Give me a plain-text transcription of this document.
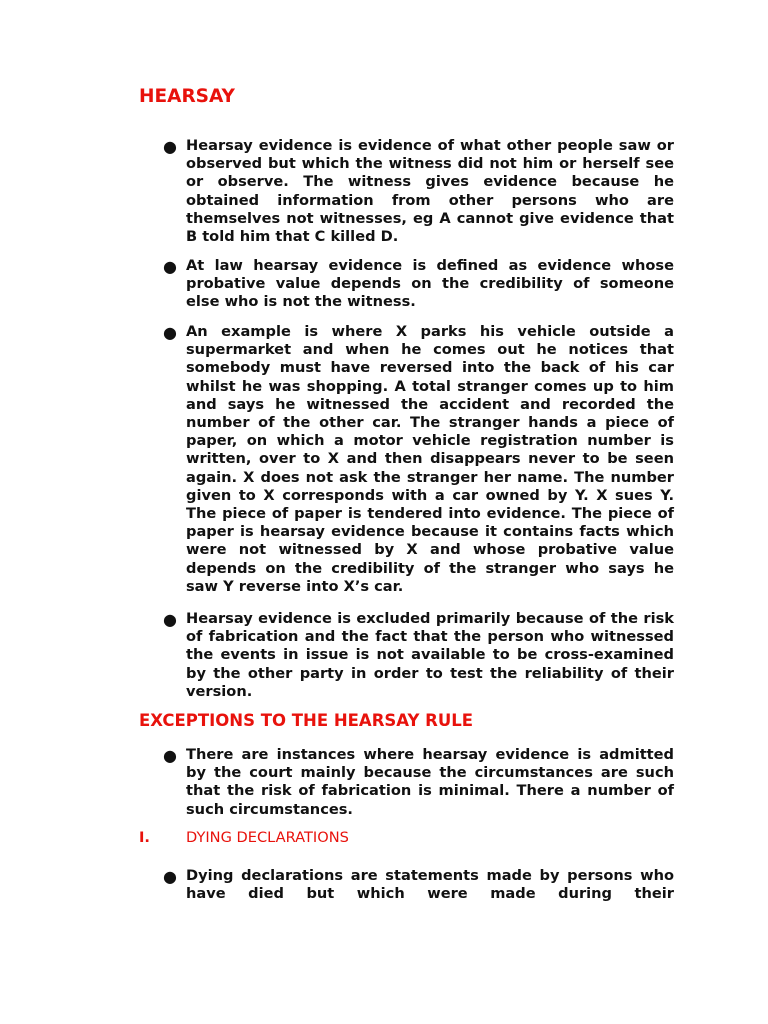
HEARSAY
● Hearsay evidence is evidence of what other people saw or observed but which the witness did not him or herself see or observe. The witness gives evidence because he obtained information from other persons who are themselves not witnesses, eg A cannot give evidence that B told him that C killed D.

● At law hearsay evidence is defined as evidence whose probative value depends on the credibility of someone else who is not the witness.

● An example is where X parks his vehicle outside a supermarket and when he comes out he notices that somebody must have reversed into the back of his car whilst he was shopping. A total stranger comes up to him and says he witnessed the accident and recorded the number of the other car. The stranger hands a piece of paper, on which a motor vehicle registration number is written, over to X and then disappears never to be seen again. X does not ask the stranger her name. The number given to X corresponds with a car owned by Y. X sues Y. The piece of paper is tendered into evidence. The piece of paper is hearsay evidence because it contains facts which were not witnessed by X and whose probative value depends on the credibility of the stranger who says he saw Y reverse into X’s car.

● Hearsay evidence is excluded primarily because of the risk of fabrication and the fact that the person who witnessed the events in issue is not available to be cross-examined by the other party in order to test the reliability of their version.

EXCEPTIONS TO THE HEARSAY RULE
● There are instances where hearsay evidence is admitted by the court mainly because the circumstances are such that the risk of fabrication is minimal. There a number of such circumstances.

I. DYING DECLARATIONS
● Dying declarations are statements made by persons who have died but which were made during their
